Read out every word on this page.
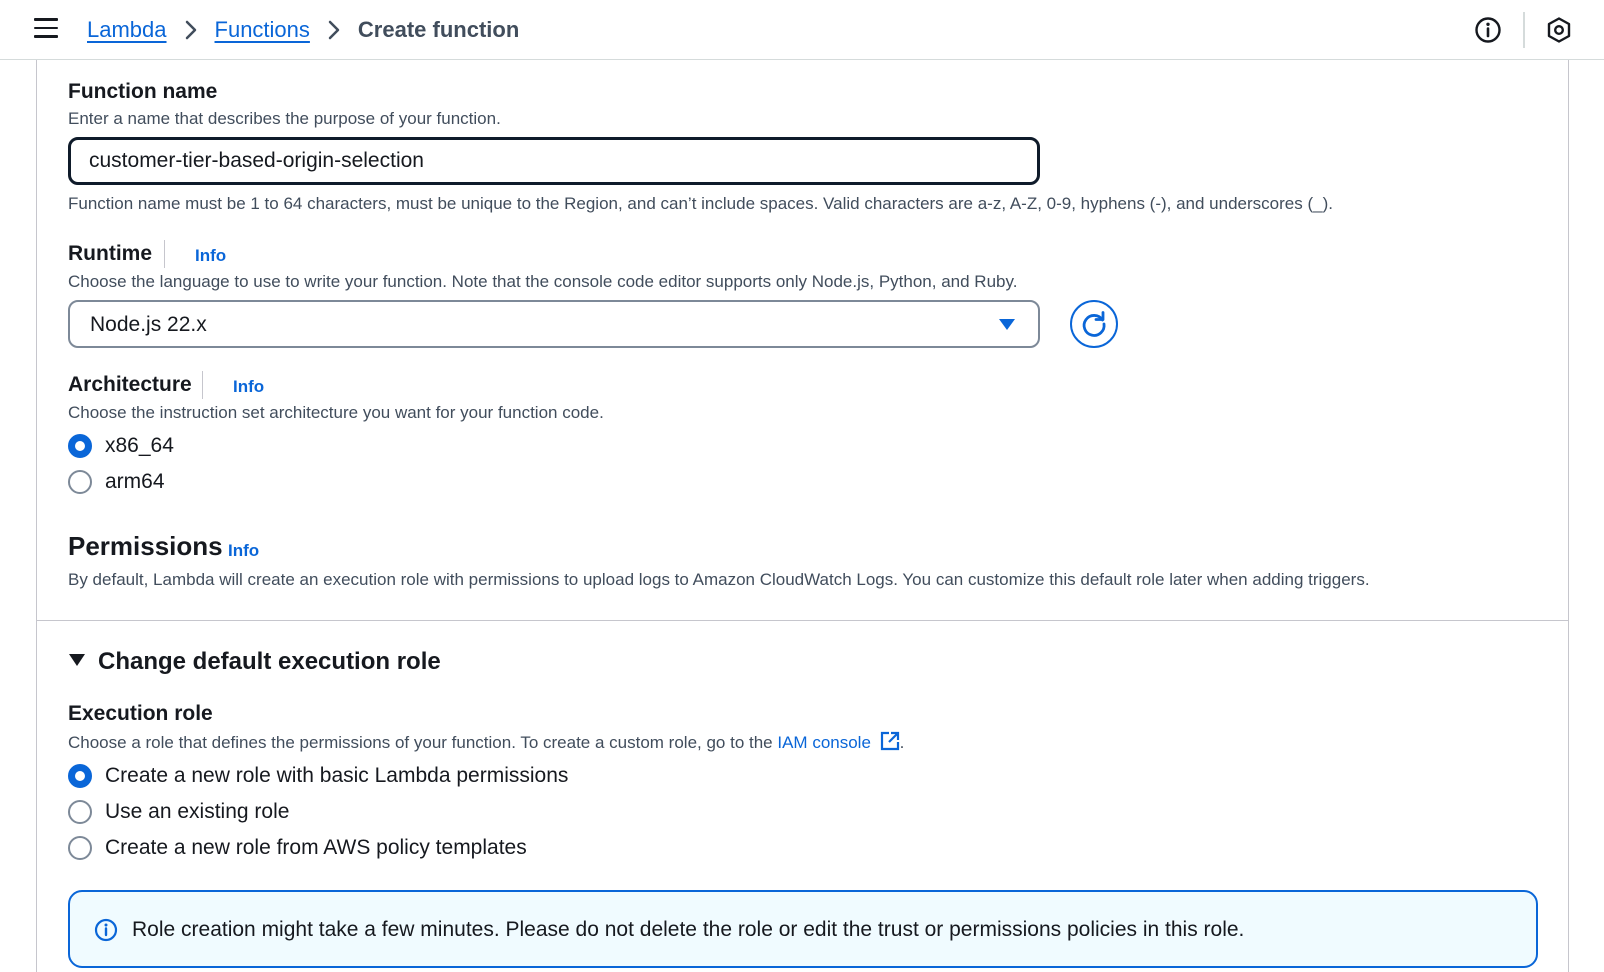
Lambda Functions Create function
Function name
Enter a name that describes the purpose of your function.
customer-tier-based-origin-selection
Function name must be 1 to 64 characters, must be unique to the Region, and can’t include spaces. Valid characters are a-z, A-Z, 0-9, hyphens (-), and underscores (_).
Runtime	Info
Choose the language to use to write your function. Note that the console code editor supports only Node.js, Python, and Ruby.
Node.js 22.x
Architecture Info
Choose the instruction set architecture you want for your function code.
x86_64
arm64
Permissions Info
By default, Lambda will create an execution role with permissions to upload logs to Amazon CloudWatch Logs. You can customize this default role later when adding triggers.
Change default execution role
Execution role
Choose a role that defines the permissions of your function. To create a custom role, go to the IAM console .
Create a new role with basic Lambda permissions
Use an existing role
Create a new role from AWS policy templates
Role creation might take a few minutes. Please do not delete the role or edit the trust or permissions policies in this role.
